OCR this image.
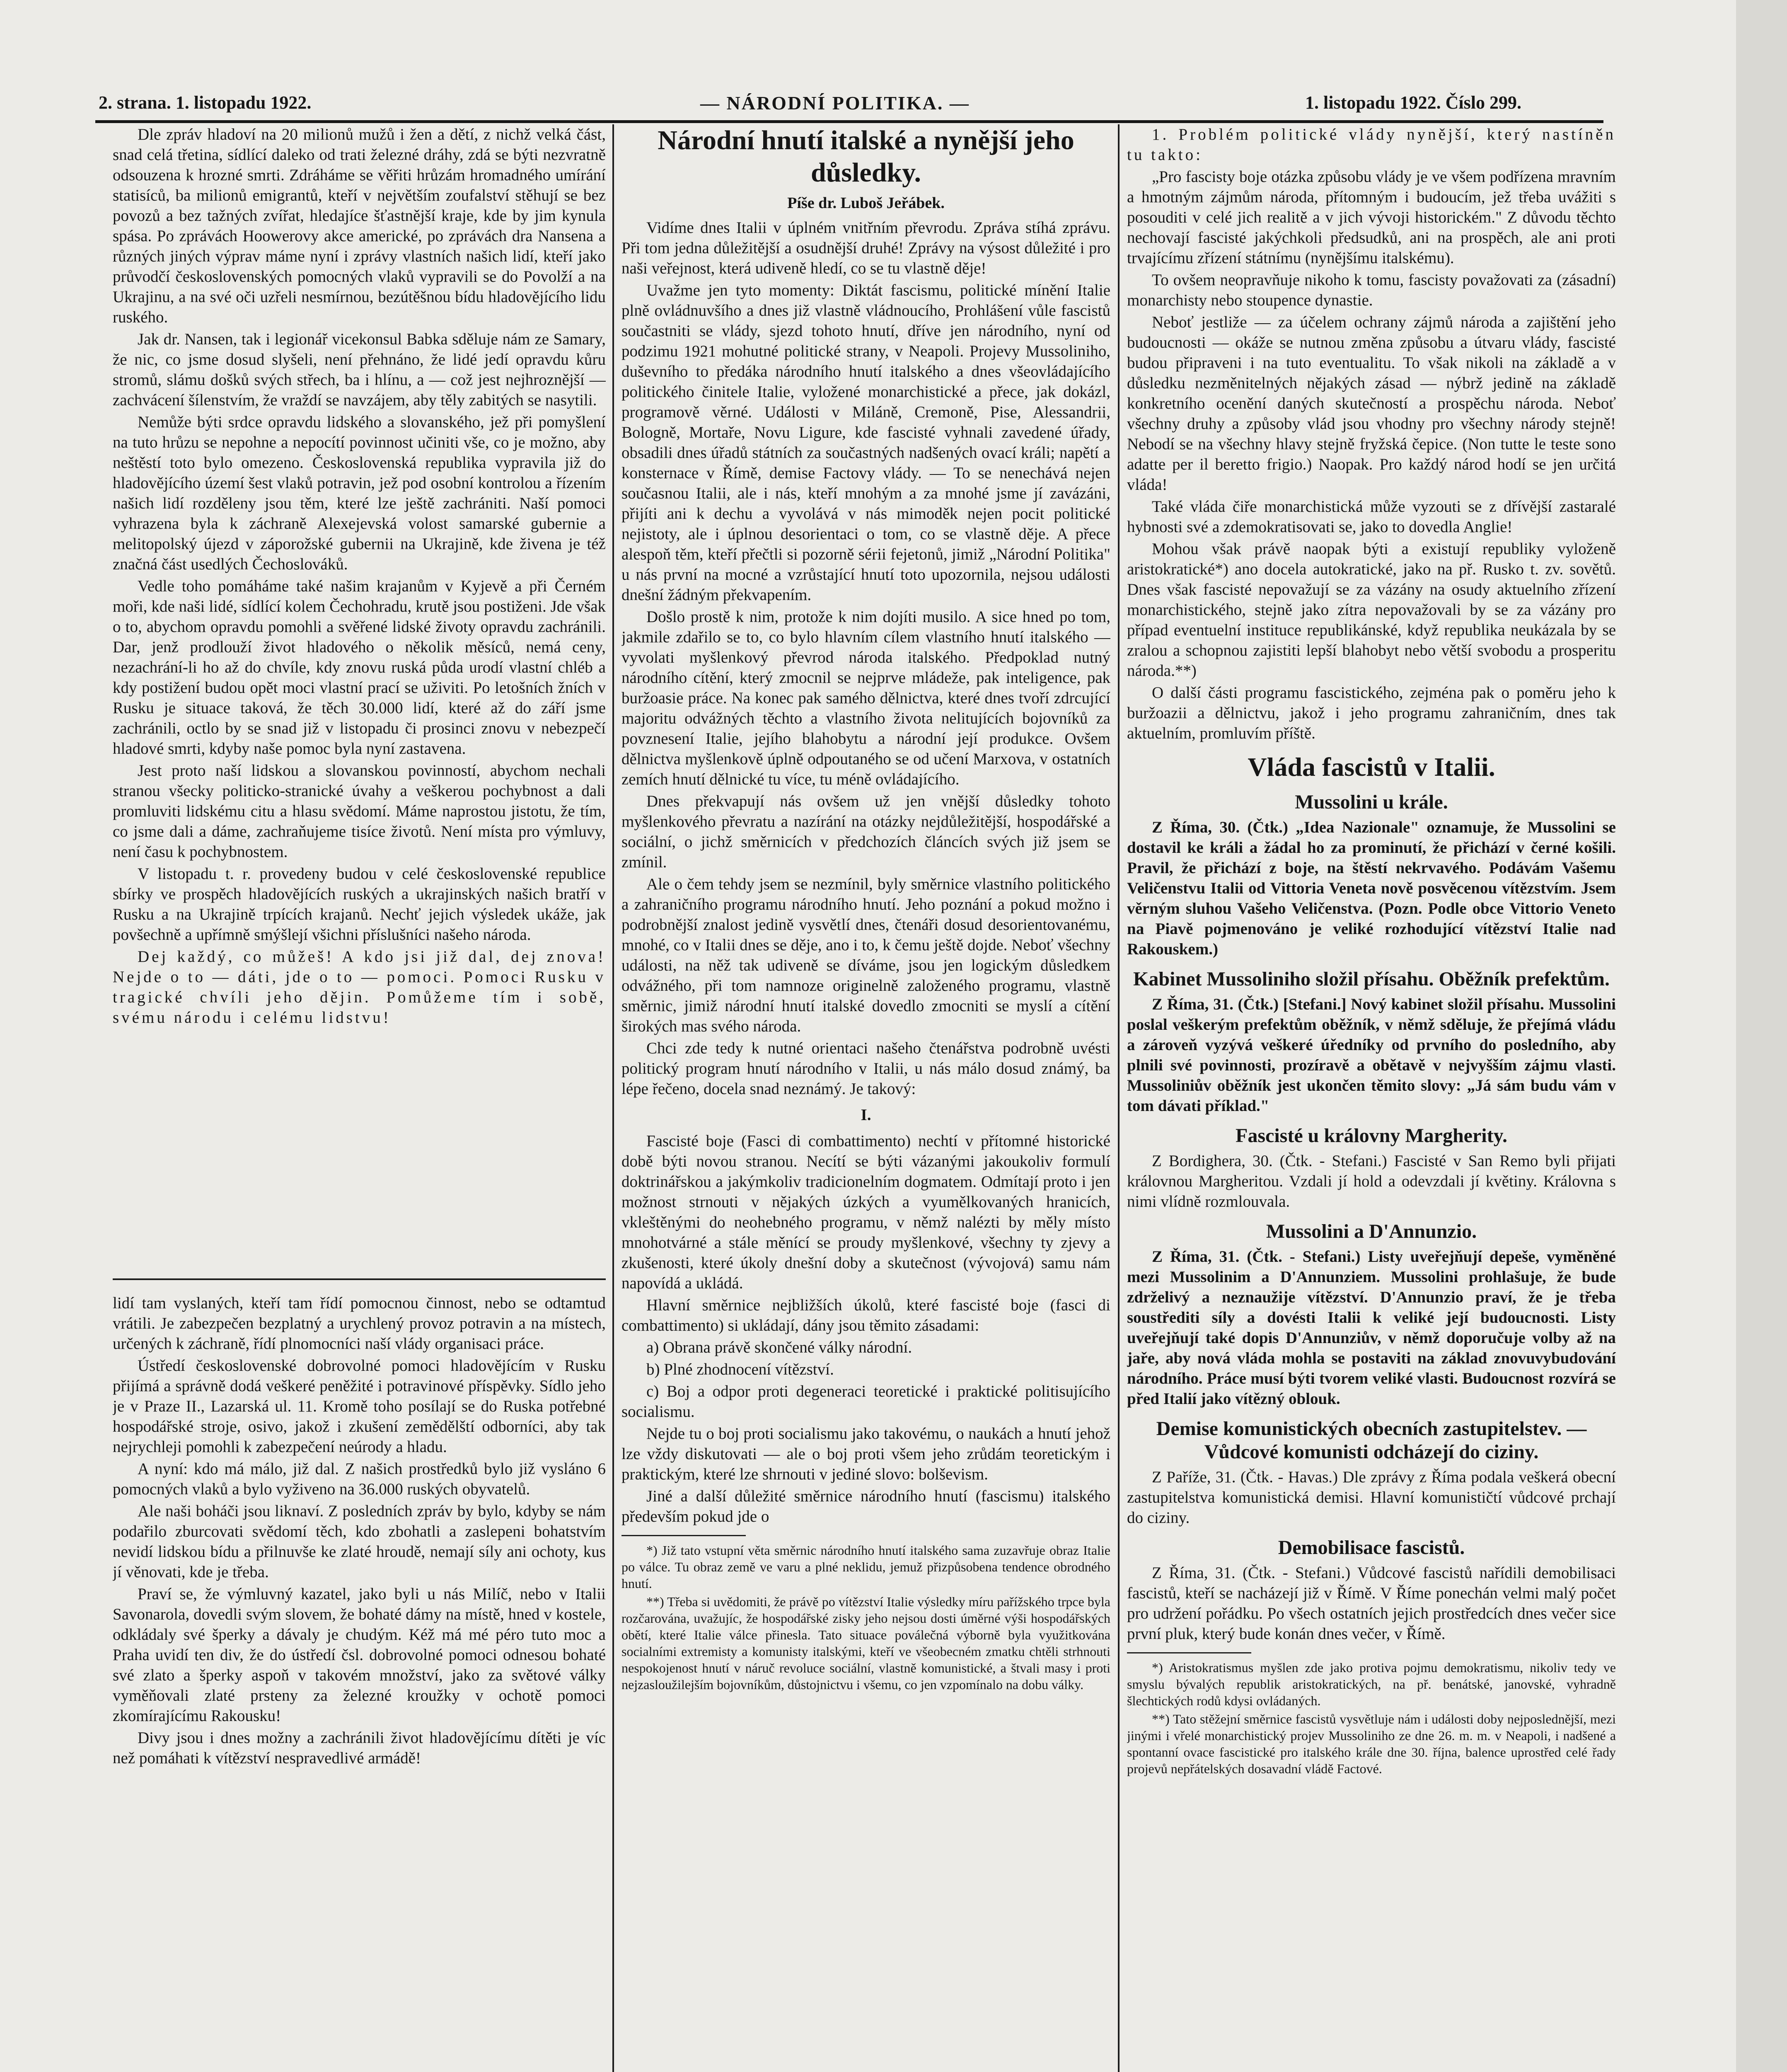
2. strana. 1. listopadu 1922.	— NÁRODNÍ POLITIKA. —	1. listopadu 1922. Číslo 299.

Dle zpráv hladoví na 20 milionů mužů i žen a dětí, z nichž velká část, snad celá třetina, sídlící daleko od trati železné dráhy, zdá se býti nezvratně odsouzena k hrozné smrti. Zdráháme se věřiti hrůzám hromadného umírání statisíců, ba milionů emigrantů, kteří v největším zoufalství stěhují se bez povozů a bez tažných zvířat, hledajíce šťastnější kraje, kde by jim kynula spása. Po zprávách Hoowerovy akce americké, po zprávách dra Nansena a různých jiných výprav máme nyní i zprávy vlastních našich lidí, kteří jako průvodčí československých pomocných vlaků vypravili se do Povolží a na Ukrajinu, a na své oči uzřeli nesmírnou, bezútěšnou bídu hladovějícího lidu ruského.

Jak dr. Nansen, tak i legionář vicekonsul Babka sděluje nám ze Samary, že nic, co jsme dosud slyšeli, není přehnáno, že lidé jedí opravdu kůru stromů, slámu došků svých střech, ba i hlínu, a — což jest nejhroznější — zachvácení šílenstvím, že vraždí se navzájem, aby těly zabitých se nasytili.

Nemůže býti srdce opravdu lidského a slovanského, jež při pomyšlení na tuto hrůzu se nepohne a nepocítí povinnost učiniti vše, co je možno, aby neštěstí toto bylo omezeno. Československá republika vypravila již do hladovějícího území šest vlaků potravin, jež pod osobní kontrolou a řízením našich lidí rozděleny jsou těm, které lze ještě zachrániti. Naší pomoci vyhrazena byla k záchraně Alexejevská volost samarské gubernie a melitopolský újezd v záporožské gubernii na Ukrajině, kde živena je též značná část usedlých Čechoslováků.

Vedle toho pomáháme také našim krajanům v Kyjevě a při Černém moři, kde naši lidé, sídlící kolem Čechohradu, krutě jsou postiženi. Jde však o to, abychom opravdu pomohli a svěřené lidské životy opravdu zachránili. Dar, jenž prodlouží život hladového o několik měsíců, nemá ceny, nezachrání-li ho až do chvíle, kdy znovu ruská půda urodí vlastní chléb a kdy postižení budou opět moci vlastní prací se uživiti. Po letošních žních v Rusku je situace taková, že těch 30.000 lidí, které až do září jsme zachránili, octlo by se snad již v listopadu či prosinci znovu v nebezpečí hladové smrti, kdyby naše pomoc byla nyní zastavena.

Jest proto naší lidskou a slovanskou povinností, abychom nechali stranou všecky politicko-stranické úvahy a veškerou pochybnost a dali promluviti lidskému citu a hlasu svědomí. Máme naprostou jistotu, že tím, co jsme dali a dáme, zachraňujeme tisíce životů. Není místa pro výmluvy, není času k pochybnostem.

V listopadu t. r. provedeny budou v celé československé republice sbírky ve prospěch hladovějících ruských a ukrajinských našich bratří v Rusku a na Ukrajině trpících krajanů. Nechť jejich výsledek ukáže, jak povšechně a upřímně smýšlejí všichni příslušníci našeho národa.

Dej každý, co můžeš! A kdo jsi již dal, dej znova! Nejde o to — dáti, jde o to — pomoci. Pomoci Rusku v tragické chvíli jeho dějin. Pomůžeme tím i sobě, svému národu i celému lidstvu!

lidí tam vyslaných, kteří tam řídí pomocnou činnost, nebo se odtamtud vrátili. Je zabezpečen bezplatný a urychlený provoz potravin a na místech, určených k záchraně, řídí plnomocníci naší vlády organisaci práce.

Ústředí československé dobrovolné pomoci hladovějícím v Rusku přijímá a správně dodá veškeré peněžité i potravinové příspěvky. Sídlo jeho je v Praze II., Lazarská ul. 11. Kromě toho posílají se do Ruska potřebné hospodářské stroje, osivo, jakož i zkušení zemědělští odborníci, aby tak nejrychleji pomohli k zabezpečení neúrody a hladu.

A nyní: kdo má málo, již dal. Z našich prostředků bylo již vysláno 6 pomocných vlaků a bylo vyživeno na 36.000 ruských obyvatelů.

Ale naši boháči jsou liknaví. Z posledních zpráv by bylo, kdyby se nám podařilo zburcovati svědomí těch, kdo zbohatli a zaslepeni bohatstvím nevidí lidskou bídu a přilnuvše ke zlaté hroudě, nemají síly ani ochoty, kus jí věnovati, kde je třeba.

Praví se, že výmluvný kazatel, jako byli u nás Milíč, nebo v Italii Savonarola, dovedli svým slovem, že bohaté dámy na místě, hned v kostele, odkládaly své šperky a dávaly je chudým. Kéž má mé péro tuto moc a Praha uvidí ten div, že do ústředí čsl. dobrovolné pomoci odnesou bohaté své zlato a šperky aspoň v takovém množství, jako za světové války vyměňovali zlaté prsteny za železné kroužky v ochotě pomoci zkomírajícímu Rakousku!

Divy jsou i dnes možny a zachránili život hladovějícímu dítěti je víc než pomáhati k vítězství nespravedlivé armádě!

Národní hnutí italské a nynější jeho důsledky.
Píše dr. Luboš Jeřábek.

Vidíme dnes Italii v úplném vnitřním převrodu. Zpráva stíhá zprávu. Při tom jedna důležitější a osudnější druhé! Zprávy na výsost důležité i pro naši veřejnost, která udiveně hledí, co se tu vlastně děje!

Uvažme jen tyto momenty: Diktát fascismu, politické mínění Italie plně ovládnuvšího a dnes již vlastně vládnoucího, Prohlášení vůle fascistů součastniti se vlády, sjezd tohoto hnutí, dříve jen národního, nyní od podzimu 1921 mohutné politické strany, v Neapoli. Projevy Mussoliniho, duševního to předáka národního hnutí italského a dnes všeovládajícího politického činitele Italie, vyložené monarchistické a přece, jak dokázl, programově věrné. Události v Miláně, Cremoně, Pise, Alessandrii, Bologně, Mortaře, Novu Ligure, kde fascisté vyhnali zavedené úřady, obsadili dnes úřadů státních za součastných nadšených ovací králi; napětí a konsternace v Římě, demise Factovy vlády. — To se nenechává nejen současnou Italii, ale i nás, kteří mnohým a za mnohé jsme jí zavázáni, přijíti ani k dechu a vyvolává v nás mimoděk nejen pocit politické nejistoty, ale i úplnou desorientaci o tom, co se vlastně děje. A přece alespoň těm, kteří přečtli si pozorně sérii fejetonů, jimiž „Národní Politika" u nás první na mocné a vzrůstající hnutí toto upozornila, nejsou události dnešní žádným překvapením.

Došlo prostě k nim, protože k nim dojíti musilo. A sice hned po tom, jakmile zdařilo se to, co bylo hlavním cílem vlastního hnutí italského — vyvolati myšlenkový převrod národa italského. Předpoklad nutný národního cítění, který zmocnil se nejprve mládeže, pak inteligence, pak buržoasie práce. Na konec pak samého dělnictva, které dnes tvoří zdrcující majoritu odvážných těchto a vlastního života nelitujících bojovníků za povznesení Italie, jejího blahobytu a národní její produkce. Ovšem dělnictva myšlenkově úplně odpoutaného se od učení Marxova, v ostatních zemích hnutí dělnické tu více, tu méně ovládajícího.

Dnes překvapují nás ovšem už jen vnější důsledky tohoto myšlenkového převratu a nazírání na otázky nejdůležitější, hospodářské a sociální, o jichž směrnicích v předchozích článcích svých již jsem se zmínil.

Ale o čem tehdy jsem se nezmínil, byly směrnice vlastního politického a zahraničního programu národního hnutí. Jeho poznání a pokud možno i podrobnější znalost jedině vysvětlí dnes, čtenáři dosud desorientovanému, mnohé, co v Italii dnes se děje, ano i to, k čemu ještě dojde. Neboť všechny události, na něž tak udiveně se díváme, jsou jen logickým důsledkem odvážného, při tom namnoze originelně založeného programu, vlastně směrnic, jimiž národní hnutí italské dovedlo zmocniti se myslí a cítění širokých mas svého národa.

Chci zde tedy k nutné orientaci našeho čtenářstva podrobně uvésti politický program hnutí národního v Italii, u nás málo dosud známý, ba lépe řečeno, docela snad neznámý. Je takový:

I.

Fascisté boje (Fasci di combattimento) nechtí v přítomné historické době býti novou stranou. Necítí se býti vázanými jakoukoliv formulí doktrinářskou a jakýmkoliv tradicionelním dogmatem. Odmítají proto i jen možnost strnouti v nějakých úzkých a vyumělkovaných hranicích, vkleštěnými do neohebného programu, v němž nalézti by měly místo mnohotvárné a stále měnící se proudy myšlenkové, všechny ty zjevy a zkušenosti, které úkoly dnešní doby a skutečnost (vývojová) samu nám napovídá a ukládá.

Hlavní směrnice nejbližších úkolů, které fascisté boje (fasci di combattimento) si ukládají, dány jsou těmito zásadami:

a) Obrana právě skončené války národní.

b) Plné zhodnocení vítězství.

c) Boj a odpor proti degeneraci teoretické i praktické politisujícího socialismu.

Nejde tu o boj proti socialismu jako takovému, o naukách a hnutí jehož lze vždy diskutovati — ale o boj proti všem jeho zrůdám teoretickým i praktickým, které lze shrnouti v jediné slovo: bolševism.

Jiné a další důležité směrnice národního hnutí (fascismu) italského především pokud jde o

*) Již tato vstupní věta směrnic národního hnutí italského sama zuzavřuje obraz Italie po válce. Tu obraz země ve varu a plné neklidu, jemuž přizpůsobena tendence obrodného hnutí.

**) Třeba si uvědomiti, že právě po vítězství Italie výsledky míru pařížského trpce byla rozčarována, uvažujíc, že hospodářské zisky jeho nejsou dosti úměrné výši hospodářských obětí, které Italie válce přinesla. Tato situace poválečná výborně byla využitkována socialními extremisty a komunisty italskými, kteří ve všeobecném zmatku chtěli strhnouti nespokojenost hnutí v náruč revoluce sociální, vlastně komunistické, a štvali masy i proti nejzasloužilejším bojovníkům, důstojnictvu i všemu, co jen vzpomínalo na dobu války.

1. Problém politické vlády nynější, který nastíněn tu takto:

„Pro fascisty boje otázka způsobu vlády je ve všem podřízena mravním a hmotným zájmům národa, přítomným i budoucím, jež třeba uvážiti s posouditi v celé jich realitě a v jich vývoji historickém." Z důvodu těchto nechovají fascisté jakýchkoli předsudků, ani na prospěch, ale ani proti trvajícímu zřízení státnímu (nynějšímu italskému).

To ovšem neopravňuje nikoho k tomu, fascisty považovati za (zásadní) monarchisty nebo stoupence dynastie.

Neboť jestliže — za účelem ochrany zájmů národa a zajištění jeho budoucnosti — okáže se nutnou změna způsobu a útvaru vlády, fascisté budou připraveni i na tuto eventualitu. To však nikoli na základě a v důsledku nezměnitelných nějakých zásad — nýbrž jedině na základě konkretního ocenění daných skutečností a prospěchu národa. Neboť všechny druhy a způsoby vlád jsou vhodny pro všechny národy stejně! Nebodí se na všechny hlavy stejně fryžská čepice. (Non tutte le teste sono adatte per il beretto frigio.) Naopak. Pro každý národ hodí se jen určitá vláda!

Také vláda čiře monarchistická může vyzouti se z dřívější zastaralé hybnosti své a zdemokratisovati se, jako to dovedla Anglie!

Mohou však právě naopak býti a existují republiky vyloženě aristokratické*) ano docela autokratické, jako na př. Rusko t. zv. sovětů. Dnes však fascisté nepovažují se za vázány na osudy aktuelního zřízení monarchistického, stejně jako zítra nepovažovali by se za vázány pro případ eventuelní instituce republikánské, když republika neukázala by se zralou a schopnou zajistiti lepší blahobyt nebo větší svobodu a prosperitu národa.**)

O další části programu fascistického, zejména pak o poměru jeho k buržoazii a dělnictvu, jakož i jeho programu zahraničním, dnes tak aktuelním, promluvím příště.

Vláda fascistů v Italii.
Mussolini u krále.

Z Říma, 30. (Čtk.) „Idea Nazionale" oznamuje, že Mussolini se dostavil ke králi a žádal ho za prominutí, že přichází v černé košili. Pravil, že přichází z boje, na štěstí nekrvavého. Podávám Vašemu Veličenstvu Italii od Vittoria Veneta nově posvěcenou vítězstvím. Jsem věrným sluhou Vašeho Veličenstva. (Pozn. Podle obce Vittorio Veneto na Piavě pojmenováno je veliké rozhodující vítězství Italie nad Rakouskem.)

Kabinet Mussoliniho složil přísahu. Oběžník prefektům.

Z Říma, 31. (Čtk.) [Stefani.] Nový kabinet složil přísahu. Mussolini poslal veškerým prefektům oběžník, v němž sděluje, že přejímá vládu a zároveň vyzývá veškeré úředníky od prvního do posledního, aby plnili své povinnosti, prozíravě a obětavě v nejvyšším zájmu vlasti. Mussoliniův oběžník jest ukončen těmito slovy: „Já sám budu vám v tom dávati příklad."

Fascisté u královny Margherity.

Z Bordighera, 30. (Čtk. - Stefani.) Fascisté v San Remo byli přijati královnou Margheritou. Vzdali jí hold a odevzdali jí květiny. Královna s nimi vlídně rozmlouvala.

Mussolini a D'Annunzio.

Z Říma, 31. (Čtk. - Stefani.) Listy uveřejňují depeše, vyměněné mezi Mussolinim a D'Annunziem. Mussolini prohlašuje, že bude zdrželivý a neznaužije vítězství. D'Annunzio praví, že je třeba soustřediti síly a dovésti Italii k veliké její budoucnosti. Listy uveřejňují také dopis D'Annunziův, v němž doporučuje volby až na jaře, aby nová vláda mohla se postaviti na základ znovuvybudování národního. Práce musí býti tvorem veliké vlasti. Budoucnost rozvírá se před Italií jako vítězný oblouk.

Demise komunistických obecních zastupitelstev. — Vůdcové komunisti odcházejí do ciziny.

Z Paříže, 31. (Čtk. - Havas.) Dle zprávy z Říma podala veškerá obecní zastupitelstva komunistická demisi. Hlavní komunističtí vůdcové prchají do ciziny.

Demobilisace fascistů.

Z Říma, 31. (Čtk. - Stefani.) Vůdcové fascistů nařídili demobilisaci fascistů, kteří se nacházejí již v Římě. V Říme ponechán velmi malý počet pro udržení pořádku. Po všech ostatních jejich prostředcích dnes večer sice první pluk, který bude konán dnes večer, v Římě.

*) Aristokratismus myšlen zde jako protiva pojmu demokratismu, nikoliv tedy ve smyslu bývalých republik aristokratických, na př. benátské, janovské, vyhradně šlechtických rodů kdysi ovládaných.

**) Tato stěžejní směrnice fascistů vysvětluje nám i události doby nejposlednější, mezi jinými i vřelé monarchistický projev Mussoliniho ze dne 26. m. m. v Neapoli, i nadšené a spontanní ovace fascistické pro italského krále dne 30. října, balence uprostřed celé řady projevů nepřátelských dosavadní vládě Factové.
